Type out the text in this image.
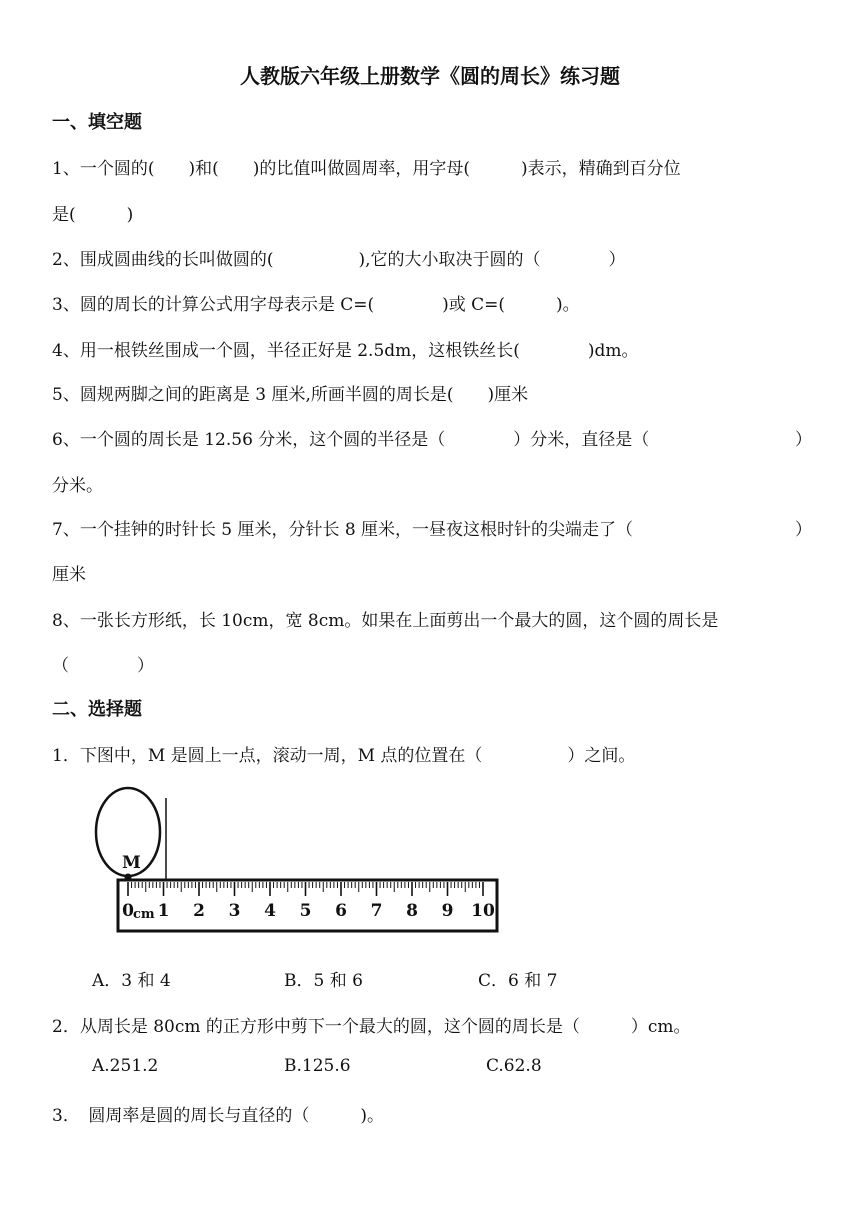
人教版六年级上册数学《圆的周长》练习题
一、填空题
1、一个圆的(　　)和(　　)的比值叫做圆周率，用字母(　　　)表示，精确到百分位
是(　　　)
2、围成圆曲线的长叫做圆的(　　　　　),它的大小取决于圆的（　　　　）
3、圆的周长的计算公式用字母表示是 C=(　　　　)或 C=(　　　)。
4、用一根铁丝围成一个圆，半径正好是 2.5dm，这根铁丝长(　　　　)dm。
5、圆规两脚之间的距离是 3 厘米,所画半圆的周长是(　　)厘米
6、一个圆的周长是 12.56 分米，这个圆的半径是（　　　　）分米，直径是（	）
分米。
7、一个挂钟的时针长 5 厘米，分针长 8 厘米，一昼夜这根时针的尖端走了（	）
厘米
8、一张长方形纸，长 10cm，宽 8cm。如果在上面剪出一个最大的圆，这个圆的周长是
（　　　　）
二、选择题
1．下图中，M 是圆上一点，滚动一周，M 点的位置在（　　　　　）之间。
M
0 1 2 3 4 5 6 7 8 9 10
cm
A．3 和 4	B．5 和 6	C．6 和 7
2．从周长是 80cm 的正方形中剪下一个最大的圆，这个圆的周长是（　　　）cm。
A.251.2	B.125.6	C.62.8
3．　圆周率是圆的周长与直径的（　　　)。
